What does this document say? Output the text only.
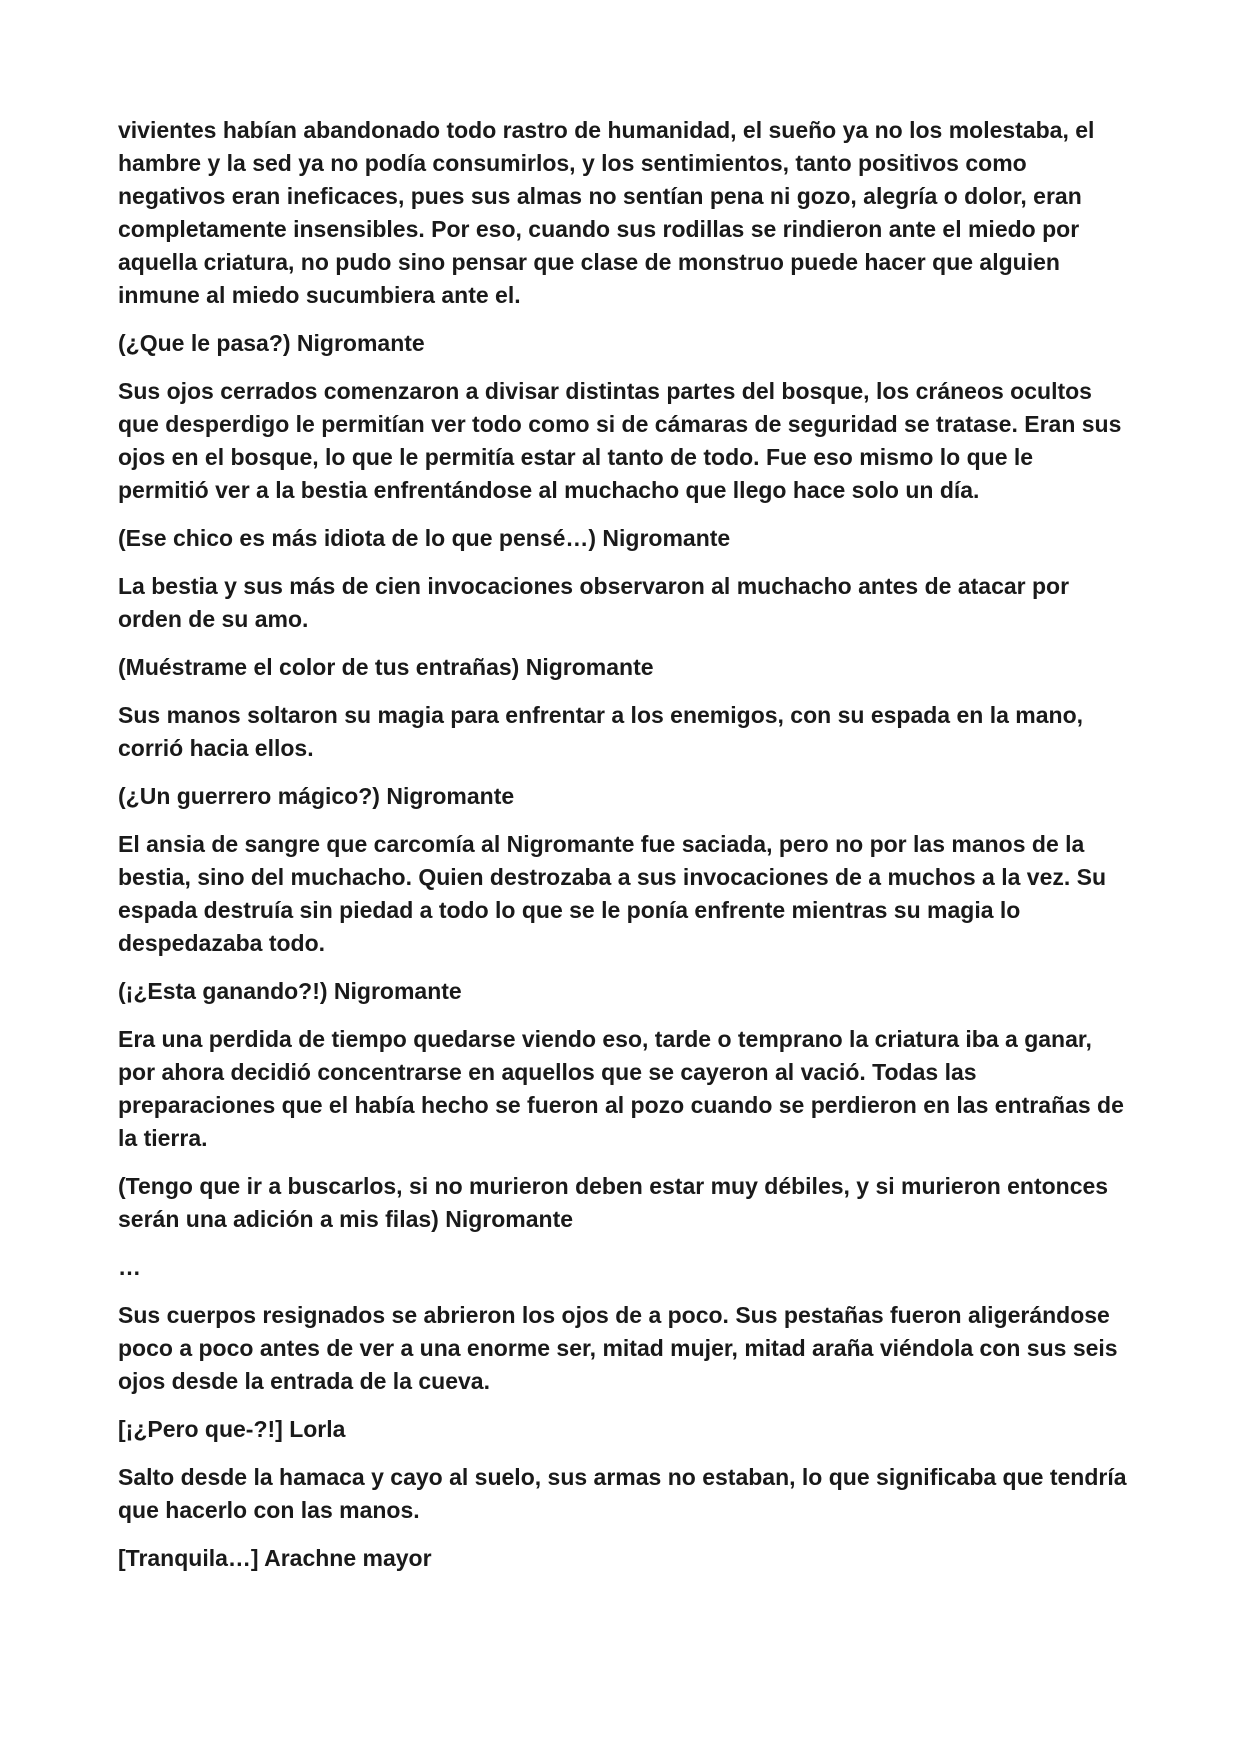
vivientes habían abandonado todo rastro de humanidad, el sueño ya no los molestaba, el hambre y la sed ya no podía consumirlos, y los sentimientos, tanto positivos como negativos eran ineficaces, pues sus almas no sentían pena ni gozo, alegría o dolor, eran completamente insensibles. Por eso, cuando sus rodillas se rindieron ante el miedo por aquella criatura, no pudo sino pensar que clase de monstruo puede hacer que alguien inmune al miedo sucumbiera ante el.

(¿Que le pasa?) Nigromante

Sus ojos cerrados comenzaron a divisar distintas partes del bosque, los cráneos ocultos que desperdigo le permitían ver todo como si de cámaras de seguridad se tratase. Eran sus ojos en el bosque, lo que le permitía estar al tanto de todo. Fue eso mismo lo que le permitió ver a la bestia enfrentándose al muchacho que llego hace solo un día.

(Ese chico es más idiota de lo que pensé…) Nigromante

La bestia y sus más de cien invocaciones observaron al muchacho antes de atacar por orden de su amo.

(Muéstrame el color de tus entrañas) Nigromante

Sus manos soltaron su magia para enfrentar a los enemigos, con su espada en la mano, corrió hacia ellos.

(¿Un guerrero mágico?) Nigromante

El ansia de sangre que carcomía al Nigromante fue saciada, pero no por las manos de la bestia, sino del muchacho. Quien destrozaba a sus invocaciones de a muchos a la vez. Su espada destruía sin piedad a todo lo que se le ponía enfrente mientras su magia lo despedazaba todo.

(¡¿Esta ganando?!) Nigromante

Era una perdida de tiempo quedarse viendo eso, tarde o temprano la criatura iba a ganar, por ahora decidió concentrarse en aquellos que se cayeron al vació. Todas las preparaciones que el había hecho se fueron al pozo cuando se perdieron en las entrañas de la tierra.

(Tengo que ir a buscarlos, si no murieron deben estar muy débiles, y si murieron entonces serán una adición a mis filas) Nigromante

…

Sus cuerpos resignados se abrieron los ojos de a poco. Sus pestañas fueron aligerándose poco a poco antes de ver a una enorme ser, mitad mujer, mitad araña viéndola con sus seis ojos desde la entrada de la cueva.

[¡¿Pero que-?!] Lorla

Salto desde la hamaca y cayo al suelo, sus armas no estaban, lo que significaba que tendría que hacerlo con las manos.

[Tranquila…] Arachne mayor
